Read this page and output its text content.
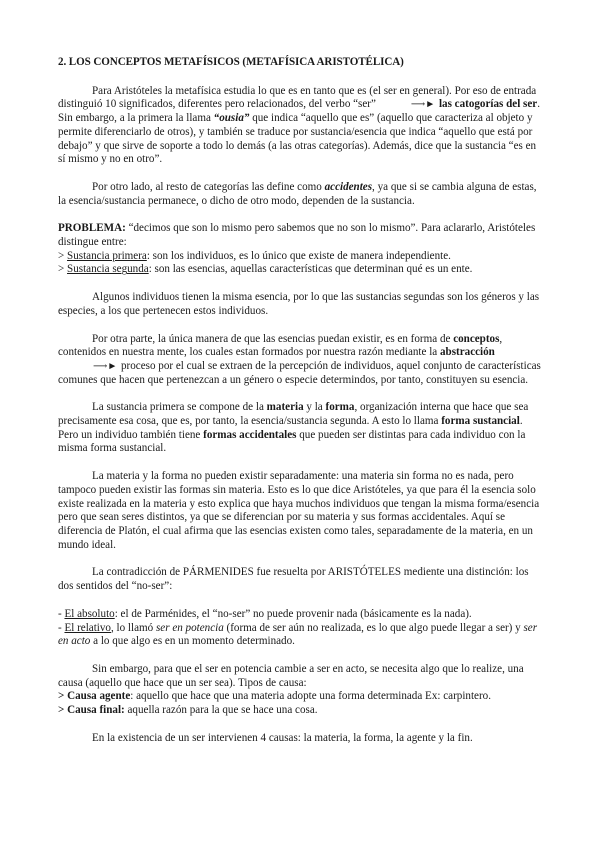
2. LOS CONCEPTOS METAFÍSICOS (METAFÍSICA ARISTOTÉLICA)

Para Aristóteles la metafísica estudia lo que es en tanto que es (el ser en general). Por eso de entrada distinguió 10 significados, diferentes pero relacionados, del verbo “ser”	⟶► las catogorías del ser. Sin embargo, a la primera la llama “ousia” que indica “aquello que es” (aquello que caracteriza al objeto y permite diferenciarlo de otros), y también se traduce por sustancia/esencia que indica “aquello que está por debajo” y que sirve de soporte a todo lo demás (a las otras categorías). Además, dice que la sustancia “es en sí mismo y no en otro”.

Por otro lado, al resto de categorías las define como accidentes, ya que si se cambia alguna de estas, la esencia/sustancia permanece, o dicho de otro modo, dependen de la sustancia.

PROBLEMA: “decimos que son lo mismo pero sabemos que no son lo mismo”. Para aclararlo, Aristóteles distingue entre:
> Sustancia primera: son los individuos, es lo único que existe de manera independiente.
> Sustancia segunda: son las esencias, aquellas características que determinan qué es un ente.

Algunos individuos tienen la misma esencia, por lo que las sustancias segundas son los géneros y las especies, a los que pertenecen estos individuos.

Por otra parte, la única manera de que las esencias puedan existir, es en forma de conceptos, contenidos en nuestra mente, los cuales estan formados por nuestra razón mediante la abstracción ⟶► proceso por el cual se extraen de la percepción de individuos, aquel conjunto de características comunes que hacen que pertenezcan a un género o especie determindos, por tanto, constituyen su esencia.

La sustancia primera se compone de la materia y la forma, organización interna que hace que sea precisamente esa cosa, que es, por tanto, la esencia/sustancia segunda. A esto lo llama forma sustancial. Pero un individuo también tiene formas accidentales que pueden ser distintas para cada individuo con la misma forma sustancial.

La materia y la forma no pueden existir separadamente: una materia sin forma no es nada, pero tampoco pueden existir las formas sin materia. Esto es lo que dice Aristóteles, ya que para él la esencia solo existe realizada en la materia y esto explica que haya muchos individuos que tengan la misma forma/esencia pero que sean seres distintos, ya que se diferencian por su materia y sus formas accidentales. Aquí se diferencia de Platón, el cual afirma que las esencias existen como tales, separadamente de la materia, en un mundo ideal.

La contradicción de PÁRMENIDES fue resuelta por ARISTÓTELES mediente una distinción: los dos sentidos del “no-ser”:

- El absoluto: el de Parménides, el “no-ser” no puede provenir nada (básicamente es la nada).
- El relativo, lo llamó ser en potencia (forma de ser aún no realizada, es lo que algo puede llegar a ser) y ser en acto a lo que algo es en un momento determinado.

Sin embargo, para que el ser en potencia cambie a ser en acto, se necesita algo que lo realize, una causa (aquello que hace que un ser sea). Tipos de causa:
> Causa agente: aquello que hace que una materia adopte una forma determinada Ex: carpintero.
> Causa final: aquella razón para la que se hace una cosa.

En la existencia de un ser intervienen 4 causas: la materia, la forma, la agente y la fin.
